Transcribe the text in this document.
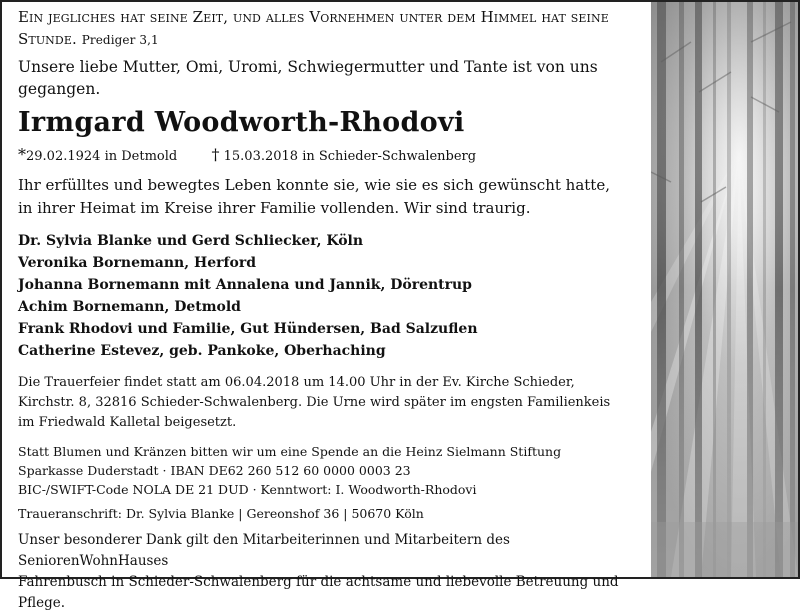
Ein jegliches hat seine Zeit, und alles Vornehmen unter dem Himmel hat seine Stunde. Prediger 3,1
Unsere liebe Mutter, Omi, Uromi, Schwiegermutter und Tante ist von uns gegangen.
Irmgard Woodworth-Rhodovi
*29.02.1924 in Detmold † 15.03.2018 in Schieder-Schwalenberg
Ihr erfülltes und bewegtes Leben konnte sie, wie sie es sich gewünscht hatte,
in ihrer Heimat im Kreise ihrer Familie vollenden. Wir sind traurig.
Dr. Sylvia Blanke und Gerd Schliecker, Köln
Veronika Bornemann, Herford
Johanna Bornemann mit Annalena und Jannik, Dörentrup
Achim Bornemann, Detmold
Frank Rhodovi und Familie, Gut Hündersen, Bad Salzuflen
Catherine Estevez, geb. Pankoke, Oberhaching
Die Trauerfeier findet statt am 06.04.2018 um 14.00 Uhr in der Ev. Kirche Schieder,
Kirchstr. 8, 32816 Schieder-Schwalenberg. Die Urne wird später im engsten Familienkeis
im Friedwald Kalletal beigesetzt.
Statt Blumen und Kränzen bitten wir um eine Spende an die Heinz Sielmann Stiftung
Sparkasse Duderstadt · IBAN DE62 260 512 60 0000 0003 23
BIC-/SWIFT-Code NOLA DE 21 DUD · Kenntwort: I. Woodworth-Rhodovi
Traueranschrift: Dr. Sylvia Blanke | Gereonshof 36 | 50670 Köln
Unser besonderer Dank gilt den Mitarbeiterinnen und Mitarbeitern des SeniorenWohnHauses
Fahrenbusch in Schieder-Schwalenberg für die achtsame und liebevolle Betreuung und Pflege.
